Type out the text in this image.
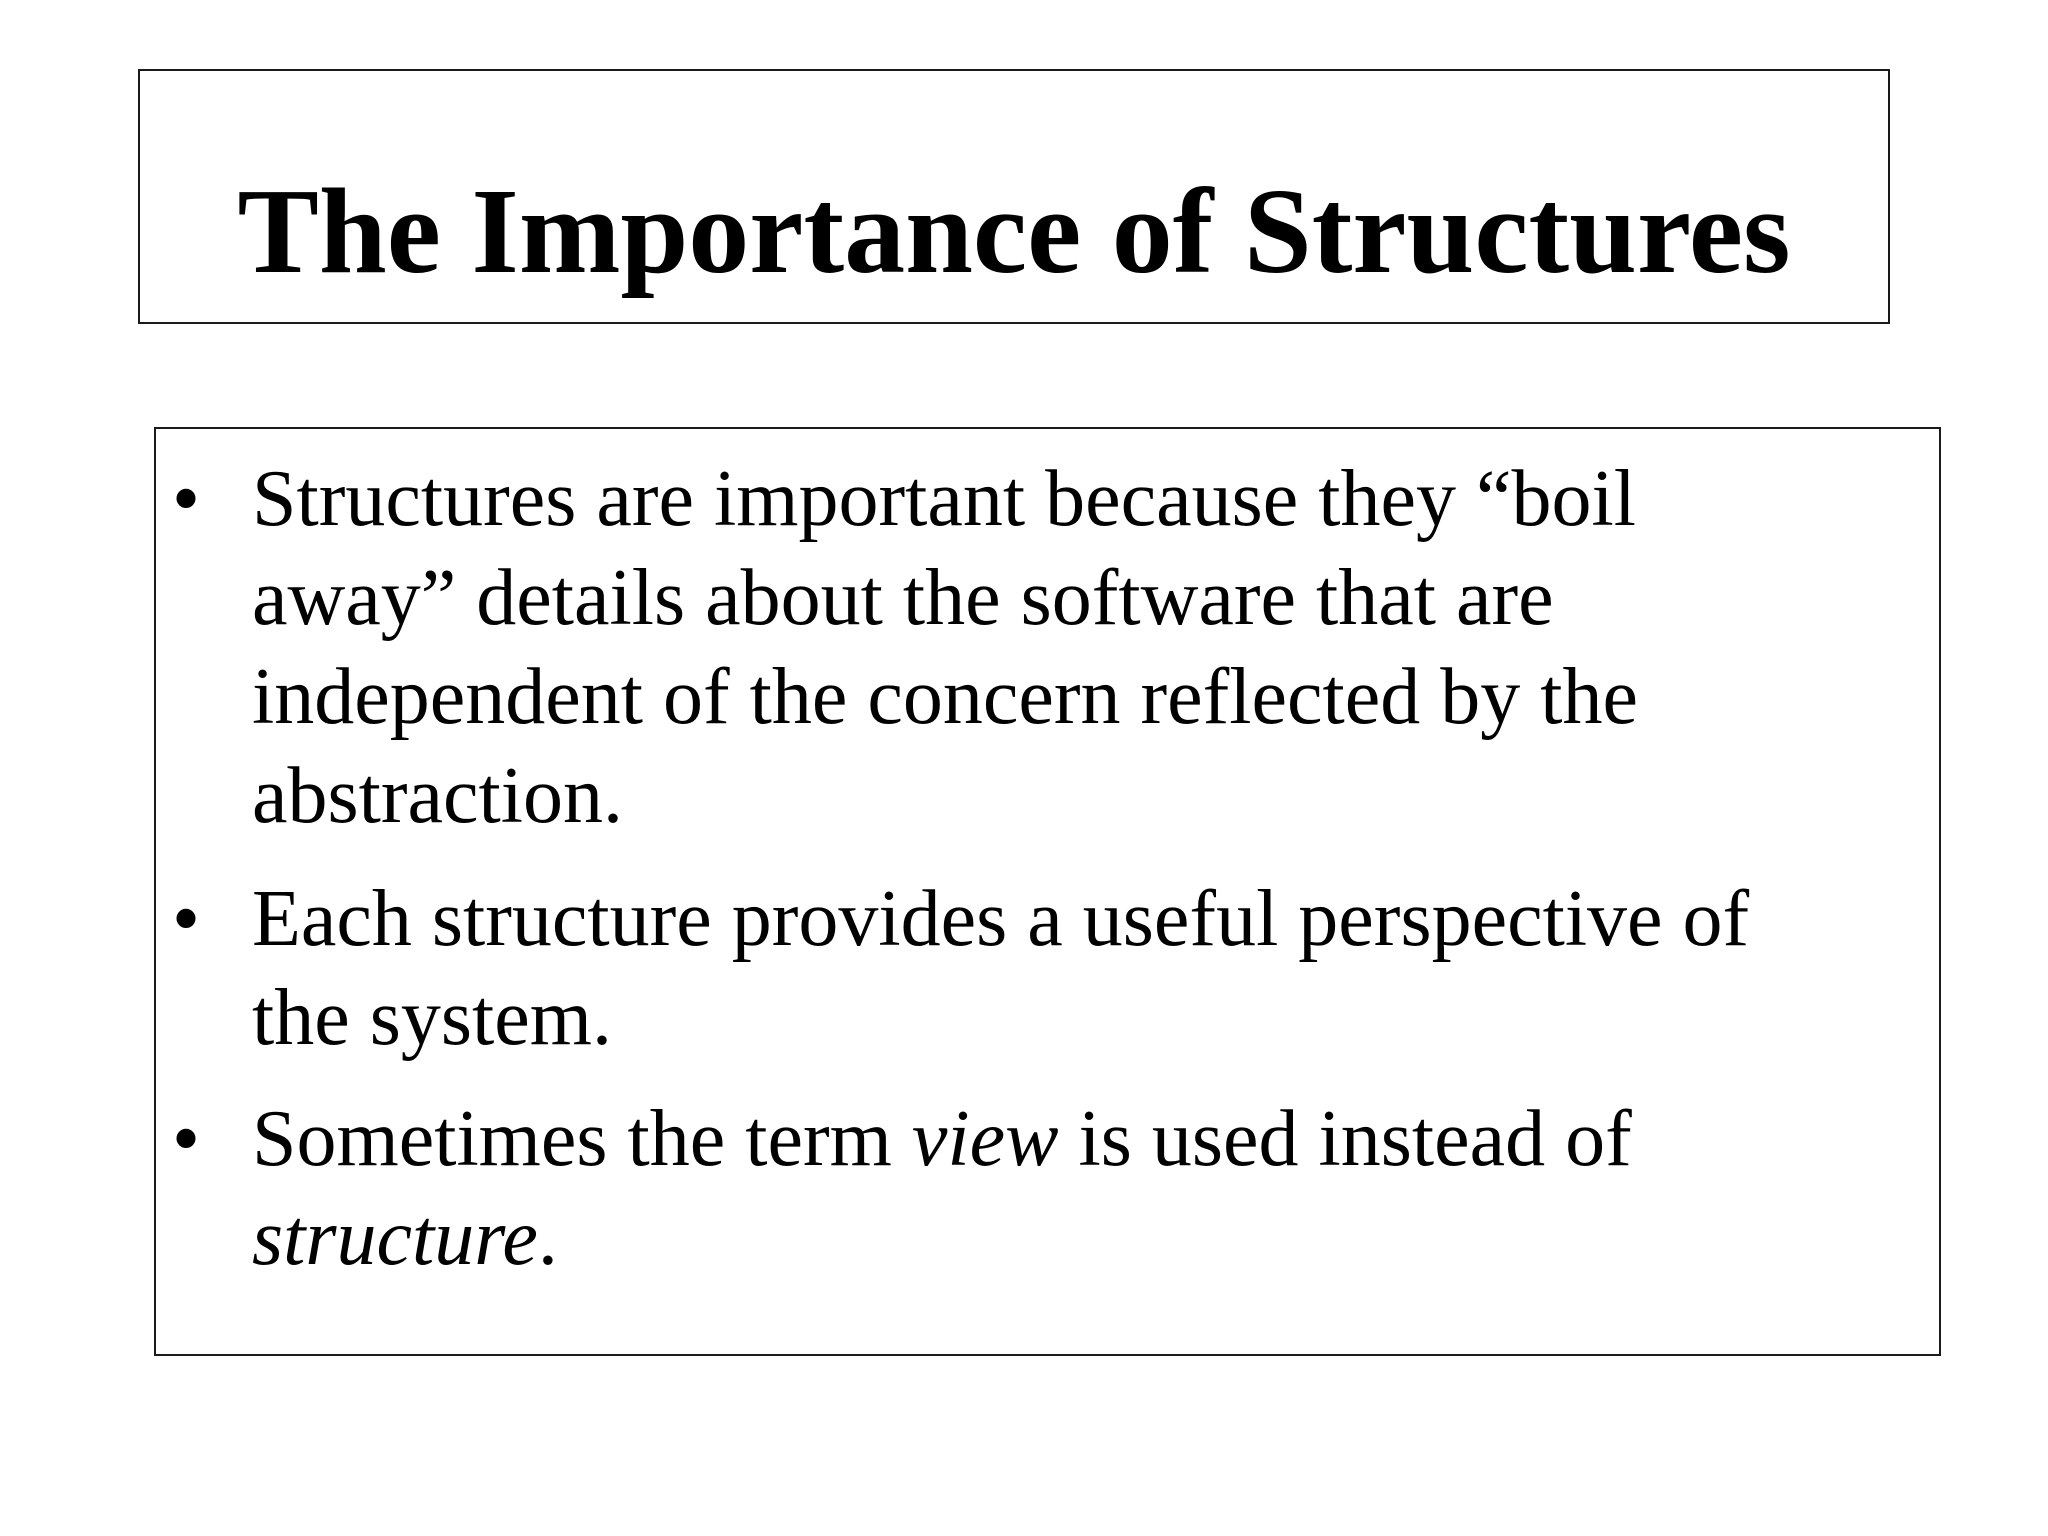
The Importance of Structures
• Structures are important because they “boil
away” details about the software that are
independent of the concern reflected by the
abstraction.
• Each structure provides a useful perspective of
the system.
• Sometimes the term view is used instead of
structure.
